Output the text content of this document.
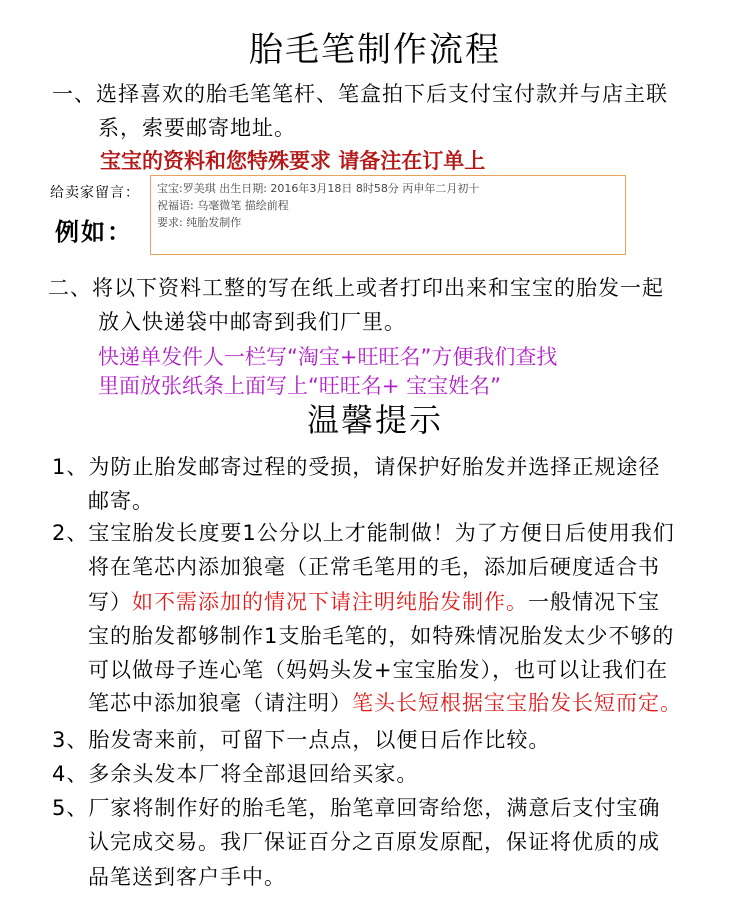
胎毛笔制作流程
一、选择喜欢的胎毛笔笔杆、笔盒拍下后支付宝付款并与店主联
系，索要邮寄地址。
宝宝的资料和您特殊要求 请备注在订单上
给卖家留言：
例如：
宝宝:罗美琪 出生日期: 2016年3月18日 8时58分 丙申年二月初十
祝福语: 乌毫微笔 描绘前程
要求: 纯胎发制作
二、将以下资料工整的写在纸上或者打印出来和宝宝的胎发一起
放入快递袋中邮寄到我们厂里。
快递单发件人一栏写“淘宝+旺旺名”方便我们查找
里面放张纸条上面写上“旺旺名+ 宝宝姓名”
温馨提示
1、为防止胎发邮寄过程的受损，请保护好胎发并选择正规途径
邮寄。
2、宝宝胎发长度要1公分以上才能制做！为了方便日后使用我们
将在笔芯内添加狼毫（正常毛笔用的毛，添加后硬度适合书
写）如不需添加的情况下请注明纯胎发制作。一般情况下宝
宝的胎发都够制作1支胎毛笔的，如特殊情况胎发太少不够的
可以做母子连心笔（妈妈头发+宝宝胎发），也可以让我们在
笔芯中添加狼毫（请注明）笔头长短根据宝宝胎发长短而定。
3、胎发寄来前，可留下一点点，以便日后作比较。
4、多余头发本厂将全部退回给买家。
5、厂家将制作好的胎毛笔，胎笔章回寄给您，满意后支付宝确
认完成交易。我厂保证百分之百原发原配，保证将优质的成
品笔送到客户手中。
